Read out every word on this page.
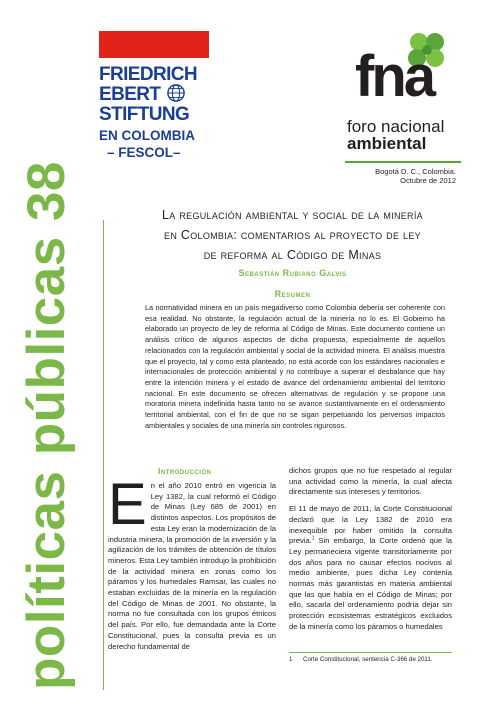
FRIEDRICH
EBERT
STIFTUNG
EN COLOMBIA
– FESCOL–
fna
foro nacional
ambiental
Bogotá D. C., Colombia.
Octubre de 2012
políticas públicas 38	La regulación ambiental y social de la minería
en Colombia: comentarios al proyecto de ley
de reforma al Código de Minas
Sebastián Rubiano Galvis
Resumen
La normatividad minera en un país megadiverso como Colombia debería ser coherente con esa realidad. No obstante, la regulación actual de la minería no lo es. El Gobierno ha elaborado un proyecto de ley de reforma al Código de Minas. Este documento contiene un análisis crítico de algunos aspectos de dicha propuesta, especialmente de aquellos relacionados con la regulación ambiental y social de la actividad minera. El análisis muestra que el proyecto, tal y como está planteado, no está acorde con los estándares nacionales e internacionales de protección ambiental y no contribuye a superar el desbalance que hay entre la intención minera y el estado de avance del ordenamiento ambiental del territorio nacional. En este documento se ofrecen alternativas de regulación y se propone una moratoria minera indefinida hasta tanto no se avance sustantivamente en el ordenamiento territorial ambiental, con el fin de que no se sigan perpetuando los perversos impactos ambientales y sociales de una minería sin controles rigurosos.
Introducción
E n el año 2010 entró en vigencia la Ley 1382, la cual reformó el Código de Minas (Ley 685 de 2001) en distintos aspectos. Los propósitos de esta Ley eran la modernización de la industria minera, la promoción de la inversión y la agilización de los trámites de obtención de títulos mineros. Esta Ley también introdujo la prohibición de la actividad minera en zonas como los páramos y los humedales Ramsar, las cuales no estaban excluidas de la minería en la regulación del Código de Minas de 2001. No obstante, la norma no fue consultada con los grupos étnicos del país. Por ello, fue demandada ante la Corte Constitucional, pues la consulta previa es un derecho fundamental de

dichos grupos que no fue respetado al regular una actividad como la minería, la cual afecta directamente sus intereses y territorios.

El 11 de mayo de 2011, la Corte Constitucional declaró que la Ley 1382 de 2010 era inexequible por haber omitido la consulta previa.$^1$ Sin embargo, la Corte ordenó que la Ley permaneciera vigente transitoriamente por dos años para no causar efectos nocivos al medio ambiente, pues dicha Ley contenía normas más garantistas en materia ambiental que las que había en el Código de Minas; por ello, sacarla del ordenamiento podría dejar sin protección ecosistemas estratégicos excluidos de la minería como los páramos o humedales

1 Corte Constitucional, sentencia C-366 de 2011.
